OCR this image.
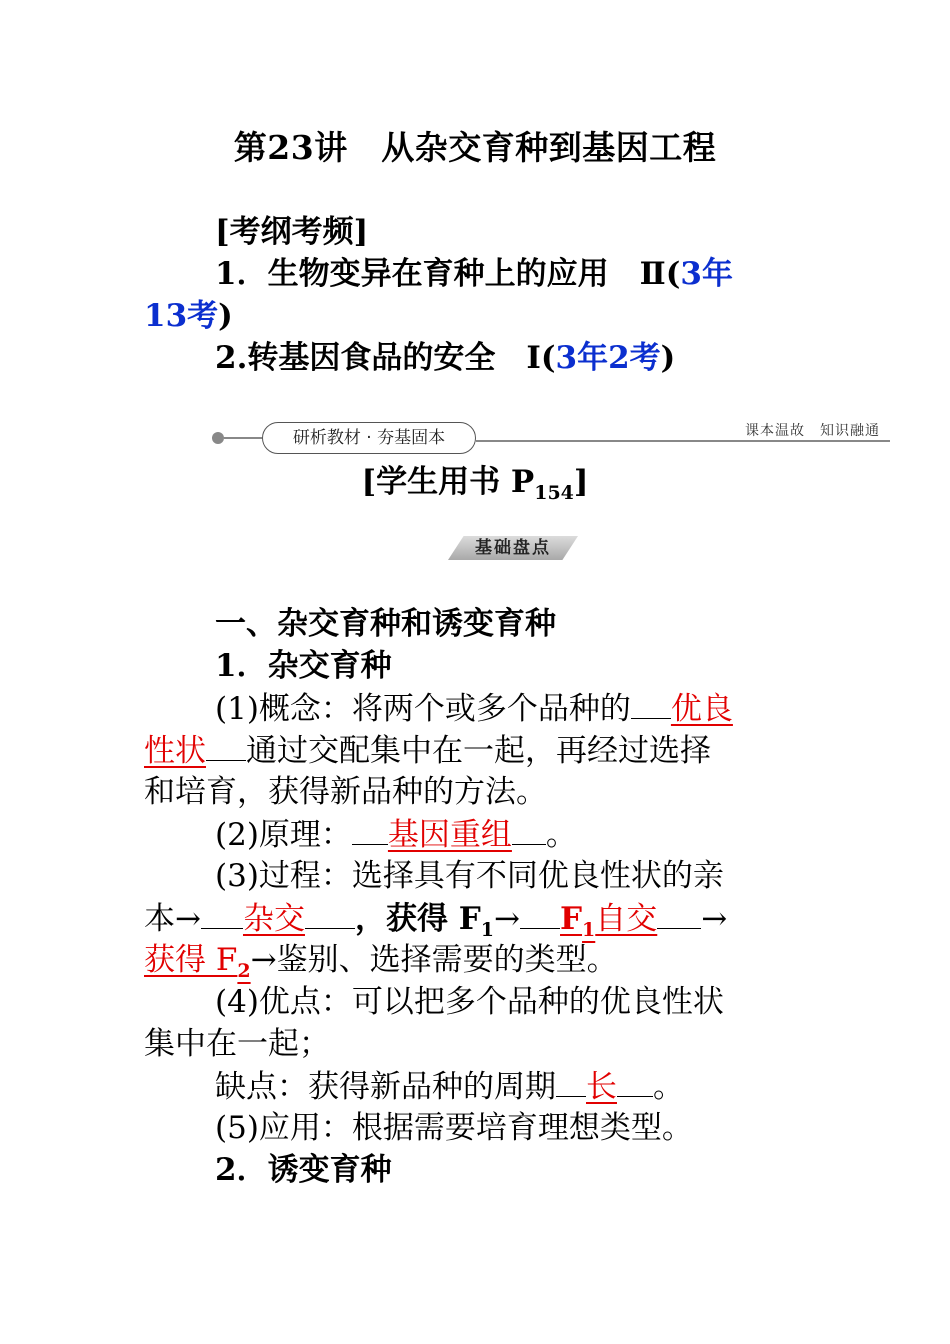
第23讲　从杂交育种到基因工程
[考纲考频]
1．生物变异在育种上的应用　Ⅱ(3年
13考)
2.转基因食品的安全　Ⅰ(3年2考)
研析教材 · 夯基固本	课本温故　知识融通
[学生用书 $P_{154}$]
基础盘点
一、杂交育种和诱变育种
1．杂交育种
(1)概念：将两个或多个品种的 优良
性状 通过交配集中在一起，再经过选择
和培育，获得新品种的方法。
(2)原理： 基因重组 。
(3)过程：选择具有不同优良性状的亲
本→ 杂交 ，获得 $F_1\to F_1$自交 →
获得 $F_2\to$鉴别、选择需要的类型。
(4)优点：可以把多个品种的优良性状
集中在一起；
缺点：获得新品种的周期 长 。
(5)应用：根据需要培育理想类型。
2．诱变育种
